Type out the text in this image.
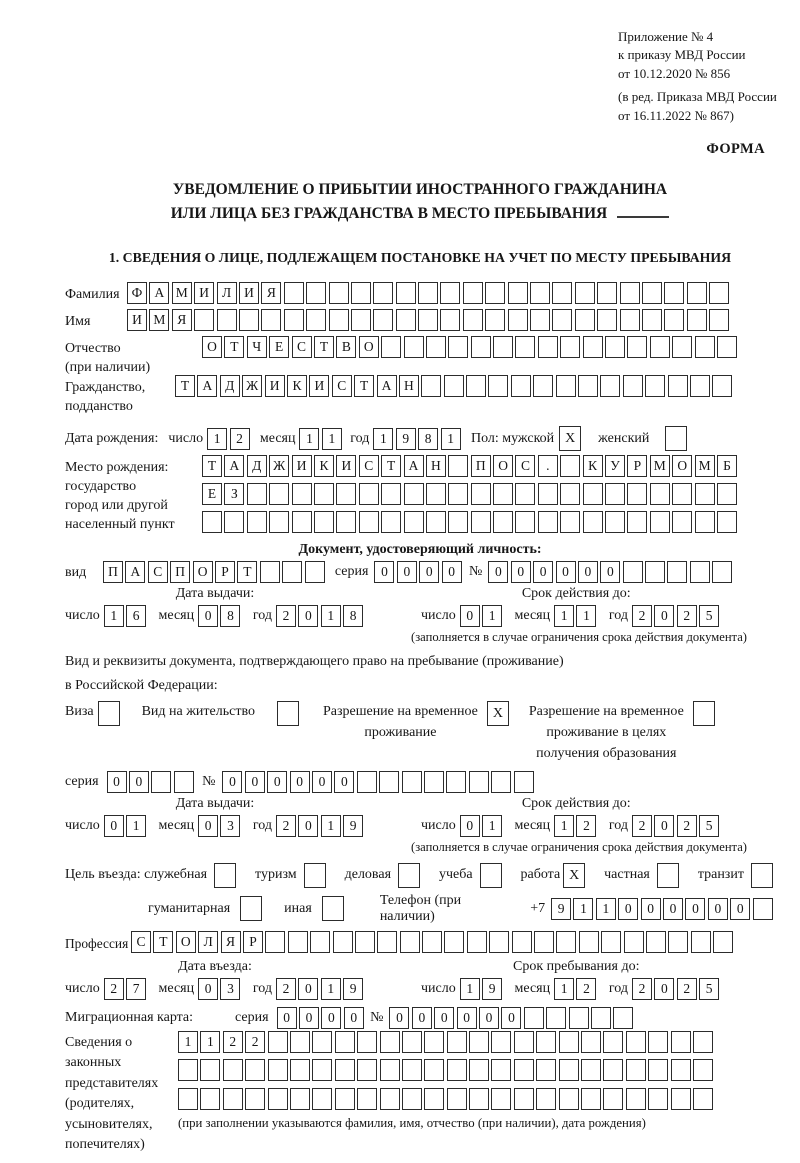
Приложение № 4
к приказу МВД России
от 10.12.2020 № 856
(в ред. Приказа МВД России
от 16.11.2022 № 867)
ФОРМА
УВЕДОМЛЕНИЕ О ПРИБЫТИИ ИНОСТРАННОГО ГРАЖДАНИНА
ИЛИ ЛИЦА БЕЗ ГРАЖДАНСТВА В МЕСТО ПРЕБЫВАНИЯ
1. СВЕДЕНИЯ О ЛИЦЕ, ПОДЛЕЖАЩЕМ ПОСТАНОВКЕ НА УЧЕТ ПО МЕСТУ ПРЕБЫВАНИЯ
Фамилия Ф А М И Л И Я
Имя	И М Я
Отчество
(при наличии)
О Т	Ч	Е	С	Т	В О
Гражданство,
подданство
Т А Д Ж И К И С	Т А Н
Дата рождения: число 1	2	месяц 1	1	год 1	9	8	1	Пол: мужской X	женский
Место рождения:
государство
город или другой
населенный пункт
Т А Д Ж И К И С	Т А Н	П О С	.	К У	Р М О М Б
Е	З
Документ, удостоверяющий личность:
вид	П А С П О	Р	Т	серия 0	0	0	0	№ 0	0	0	0	0	0
Дата выдачи:
число 1	6	месяц 0	8	год 2	0	1	8
Срок действия до:
число 0	1	месяц 1	1	год 2	0	2	5
(заполняется в случае ограничения срока действия документа)
Вид и реквизиты документа, подтверждающего право на пребывание (проживание)
в Российской Федерации:
Виза	Вид на жительство	Разрешение на временное
проживание
X	Разрешение на временное
проживание в целях
получения образования
серия	0	0	№	0	0	0	0	0	0
Дата выдачи:
число 0	1	месяц 0	3	год 2	0	1	9
Срок действия до:
число 0	1	месяц 1	2	год 2	0	2	5
(заполняется в случае ограничения срока действия документа)
Цель въезда: служебная	туризм	деловая	учеба	работа X	частная	транзит
гуманитарная	иная
Телефон (при наличии)
+7 9	1	1	0	0	0	0	0	0
Профессия С	Т О Л Я	Р
Дата въезда:
число 2	7	месяц 0	3	год 2	0	1	9
Срок пребывания до:
число 1	9	месяц 1	2	год 2	0	2	5
Миграционная карта:	серия	0	0	0	0 № 0	0	0	0	0	0
Сведения о
законных
представителях
(родителях,
усыновителях,
попечителях)
1	1	2	2
(при заполнении указываются фамилия, имя, отчество (при наличии), дата рождения)
